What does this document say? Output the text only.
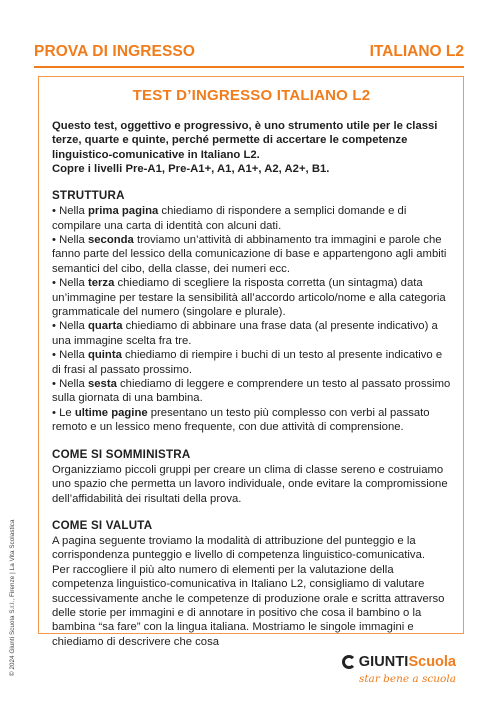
PROVA DI INGRESSO	ITALIANO L2
TEST D’INGRESSO ITALIANO L2

Questo test, oggettivo e progressivo, è uno strumento utile per le classi terze, quarte e quinte, perché permette di accertare le competenze linguistico-comunicative in Italiano L2.

Copre i livelli Pre-A1, Pre-A1+, A1, A1+, A2, A2+, B1.

STRUTTURA

• Nella prima pagina chiediamo di rispondere a semplici domande e di compilare una carta di identità con alcuni dati.

• Nella seconda troviamo un’attività di abbinamento tra immagini e parole che fanno parte del lessico della comunicazione di base e appartengono agli ambiti semantici del cibo, della classe, dei numeri ecc.

• Nella terza chiediamo di scegliere la risposta corretta (un sintagma) data un’immagine per testare la sensibilità all’accordo articolo/nome e alla categoria grammaticale del numero (singolare e plurale).

• Nella quarta chiediamo di abbinare una frase data (al presente indicativo) a una immagine scelta fra tre.

• Nella quinta chiediamo di riempire i buchi di un testo al presente indicativo e di frasi al passato prossimo.

• Nella sesta chiediamo di leggere e comprendere un testo al passato prossimo sulla giornata di una bambina.

• Le ultime pagine presentano un testo più complesso con verbi al passato remoto e un lessico meno frequente, con due attività di comprensione.

COME SI SOMMINISTRA

Organizziamo piccoli gruppi per creare un clima di classe sereno e costruiamo uno spazio che permetta un lavoro individuale, onde evitare la compromissione dell’affidabilità dei risultati della prova.

COME SI VALUTA

A pagina seguente troviamo la modalità di attribuzione del punteggio e la corrispondenza punteggio e livello di competenza linguistico-comunicativa.

Per raccogliere il più alto numero di elementi per la valutazione della competenza linguistico-comunicativa in Italiano L2, consigliamo di valutare successivamente anche le competenze di produzione orale e scritta attraverso delle storie per immagini e di annotare in positivo che cosa il bambino o la bambina “sa fare” con la lingua italiana. Mostriamo le singole immagini e chiediamo di descrivere che cosa

© 2024 Giunti Scuola S.r.l., Firenze | La Vita Scolastica	GIUNTI Scuola
star bene a scuola
